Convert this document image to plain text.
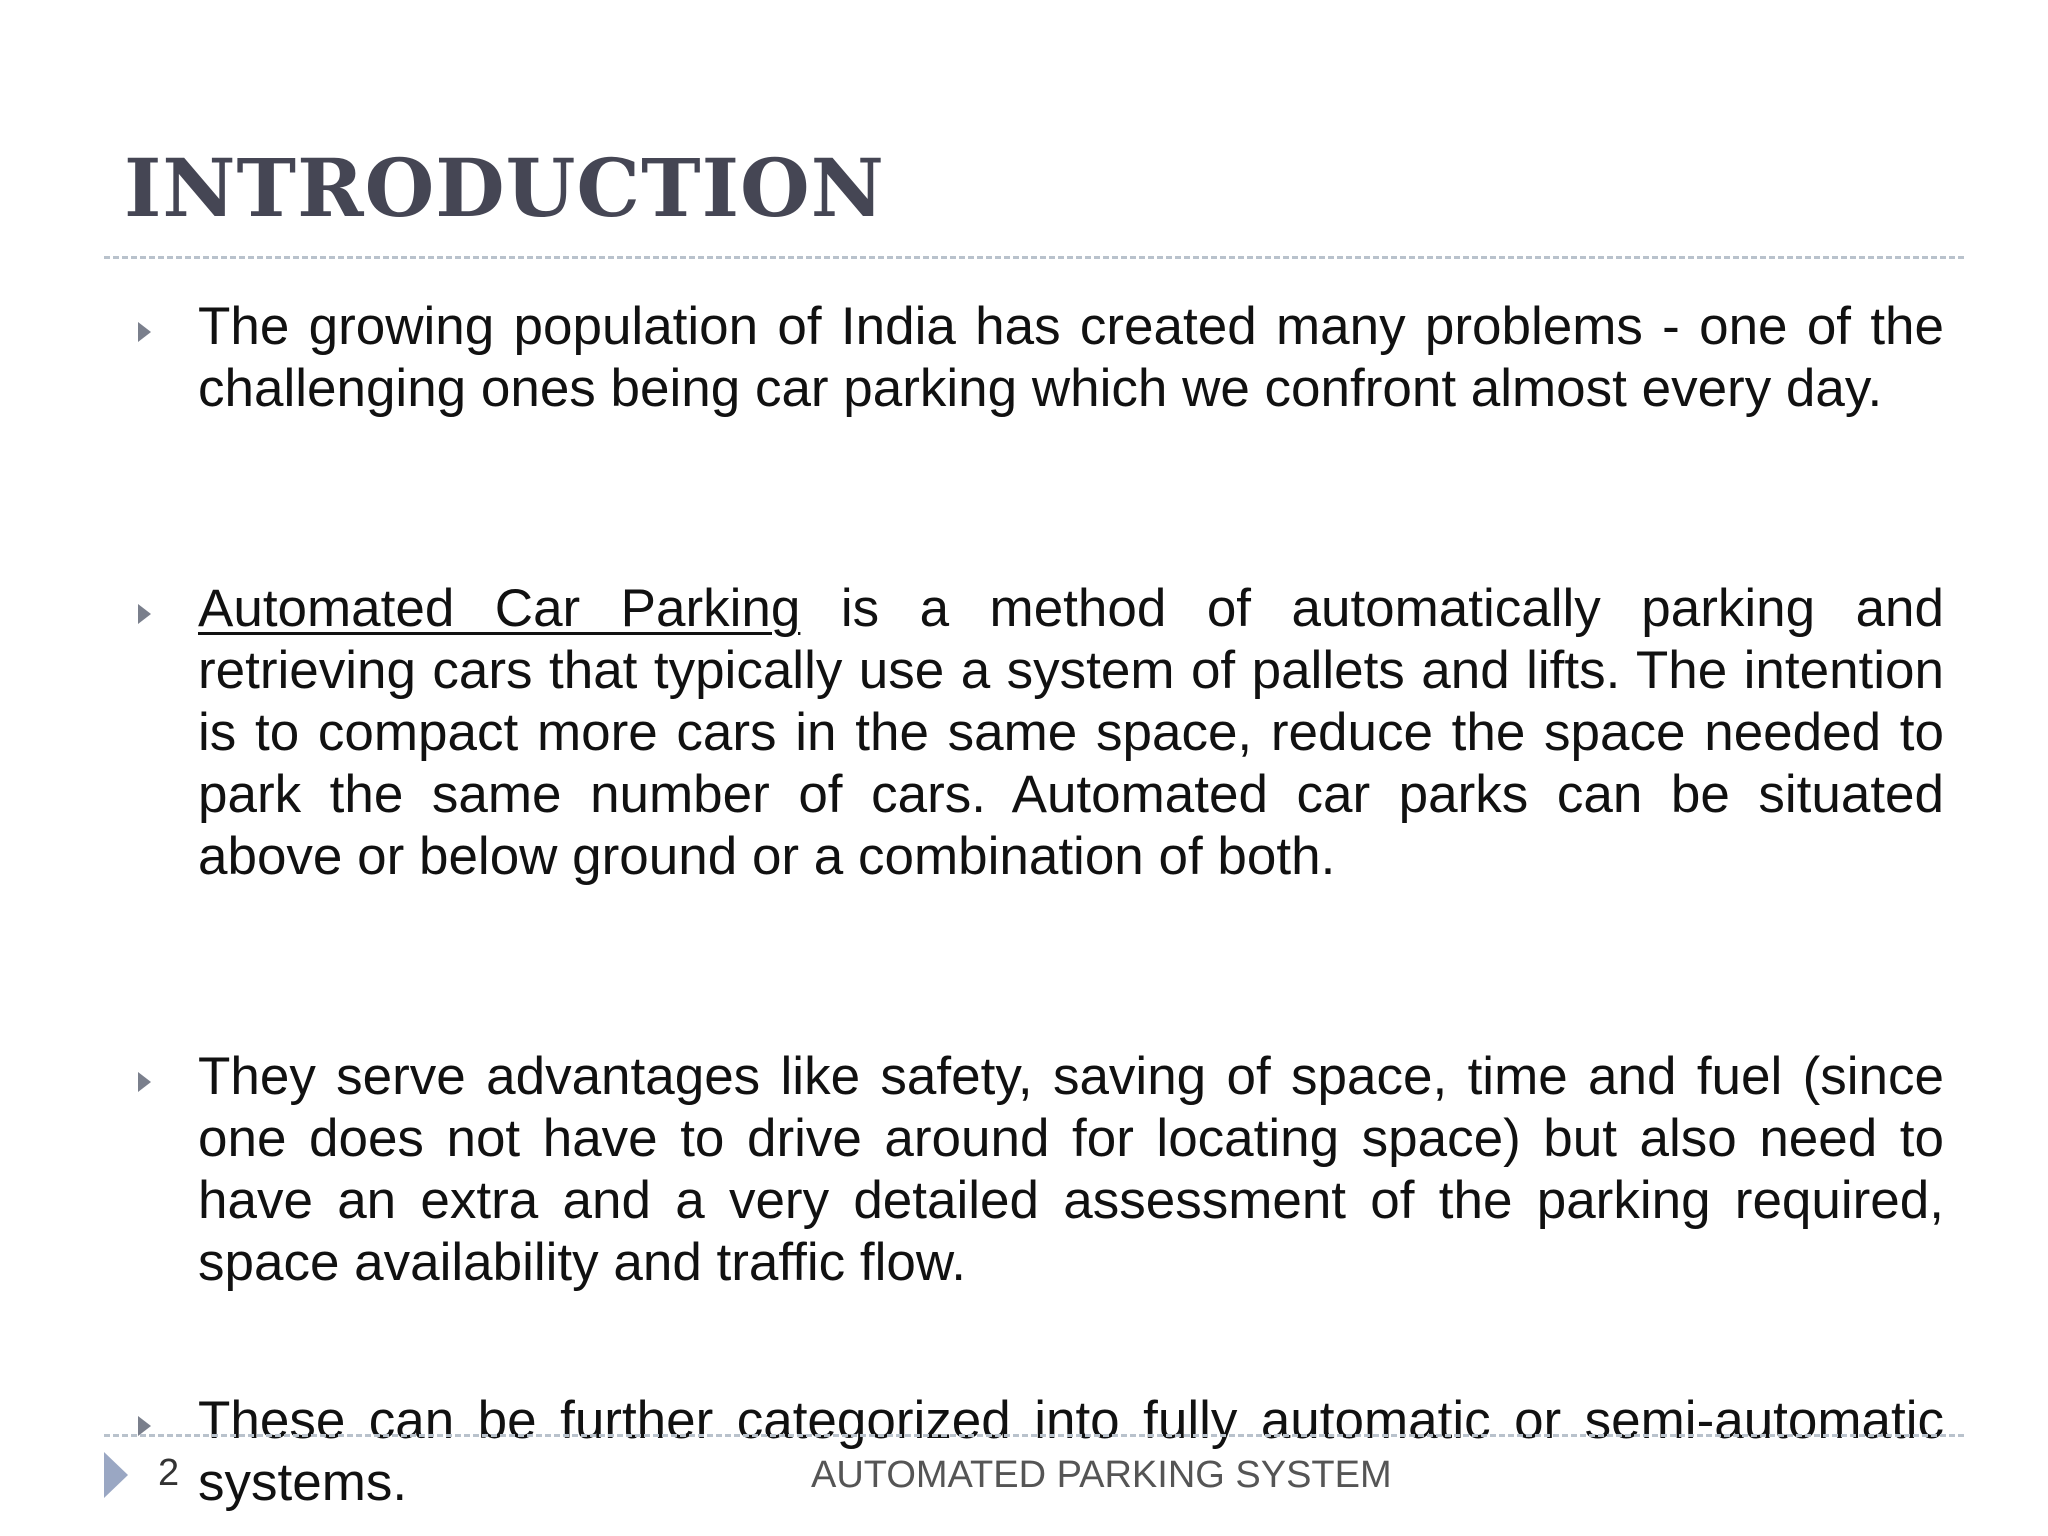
INTRODUCTION

The growing population of India has created many problems - one of the challenging ones being car parking which we confront almost every day.

Automated Car Parking is a method of automatically parking and retrieving cars that typically use a system of pallets and lifts. The intention is to compact more cars in the same space, reduce the space needed to park the same number of cars. Automated car parks can be situated above or below ground or a combination of both.

They serve advantages like safety, saving of space, time and fuel (since one does not have to drive around for locating space) but also need to have an extra and a very detailed assessment of the parking required, space availability and traffic flow.

These can be further categorized into fully automatic or semi-automatic systems.

2	AUTOMATED PARKING SYSTEM
